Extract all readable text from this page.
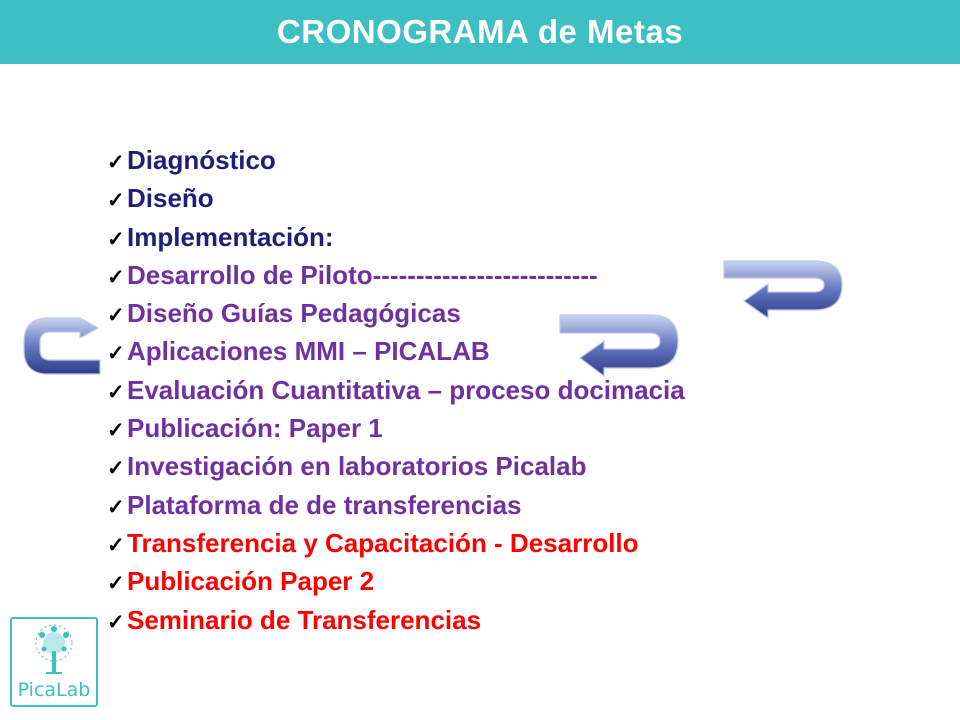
CRONOGRAMA de Metas
✓ Diagnóstico
✓ Diseño
✓ Implementación:
✓ Desarrollo de Piloto--------------------------
✓ Diseño Guías Pedagógicas
✓ Aplicaciones MMI – PICALAB
✓ Evaluación Cuantitativa – proceso docimacia
✓ Publicación: Paper 1
✓ Investigación en laboratorios Picalab
✓ Plataforma de de transferencias
✓ Transferencia y Capacitación - Desarrollo
✓ Publicación Paper 2
✓ Seminario de Transferencias
PicaLab
